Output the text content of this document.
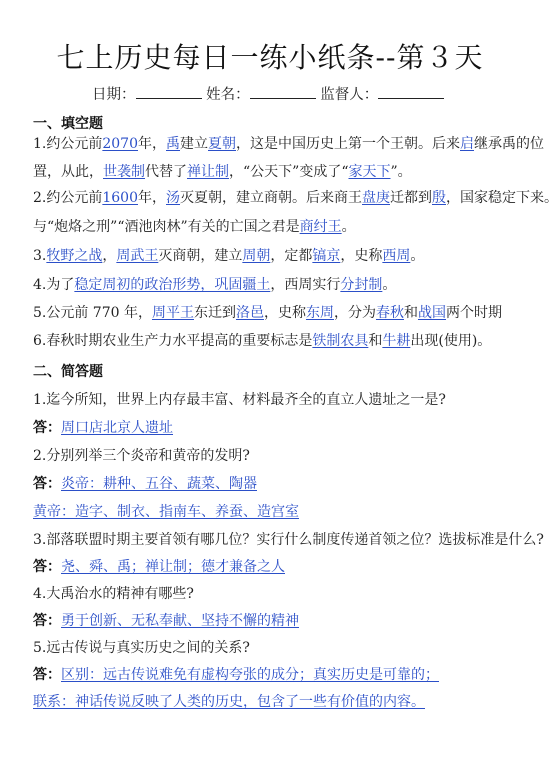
七上历史每日一练小纸条--第３天
日期：	姓名：	监督人：
一、填空题
1.约公元前2070年，禹建立夏朝，这是中国历史上第一个王朝。后来启继承禹的位
置，从此，世袭制代替了禅让制，“公天下”变成了“家天下”。
2.约公元前1600年，汤灭夏朝，建立商朝。后来商王盘庚迁都到殷，国家稳定下来。
与“炮烙之刑”“酒池肉林”有关的亡国之君是商纣王。
3.牧野之战，周武王灭商朝，建立周朝，定都镐京，史称西周。
4.为了稳定周初的政治形势，巩固疆土，西周实行分封制。
5.公元前 770 年，周平王东迁到洛邑，史称东周，分为春秋和战国两个时期
6.春秋时期农业生产力水平提高的重要标志是铁制农具和牛耕出现(使用)。
二、简答题
1.迄今所知，世界上内存最丰富、材料最齐全的直立人遗址之一是?
答：周口店北京人遗址
2.分别列举三个炎帝和黄帝的发明?
答：炎帝：耕种、五谷、蔬菜、陶器
黄帝：造字、制衣、指南车、养蚕、造宫室
3.部落联盟时期主要首领有哪几位？实行什么制度传递首领之位？选拔标准是什么?
答：尧、舜、禹；禅让制；德才兼备之人
4.大禹治水的精神有哪些?
答：勇于创新、无私奉献、坚持不懈的精神
5.远古传说与真实历史之间的关系?
答：区别：远古传说难免有虚构夸张的成分；真实历史是可靠的；
联系：神话传说反映了人类的历史，包含了一些有价值的内容。
